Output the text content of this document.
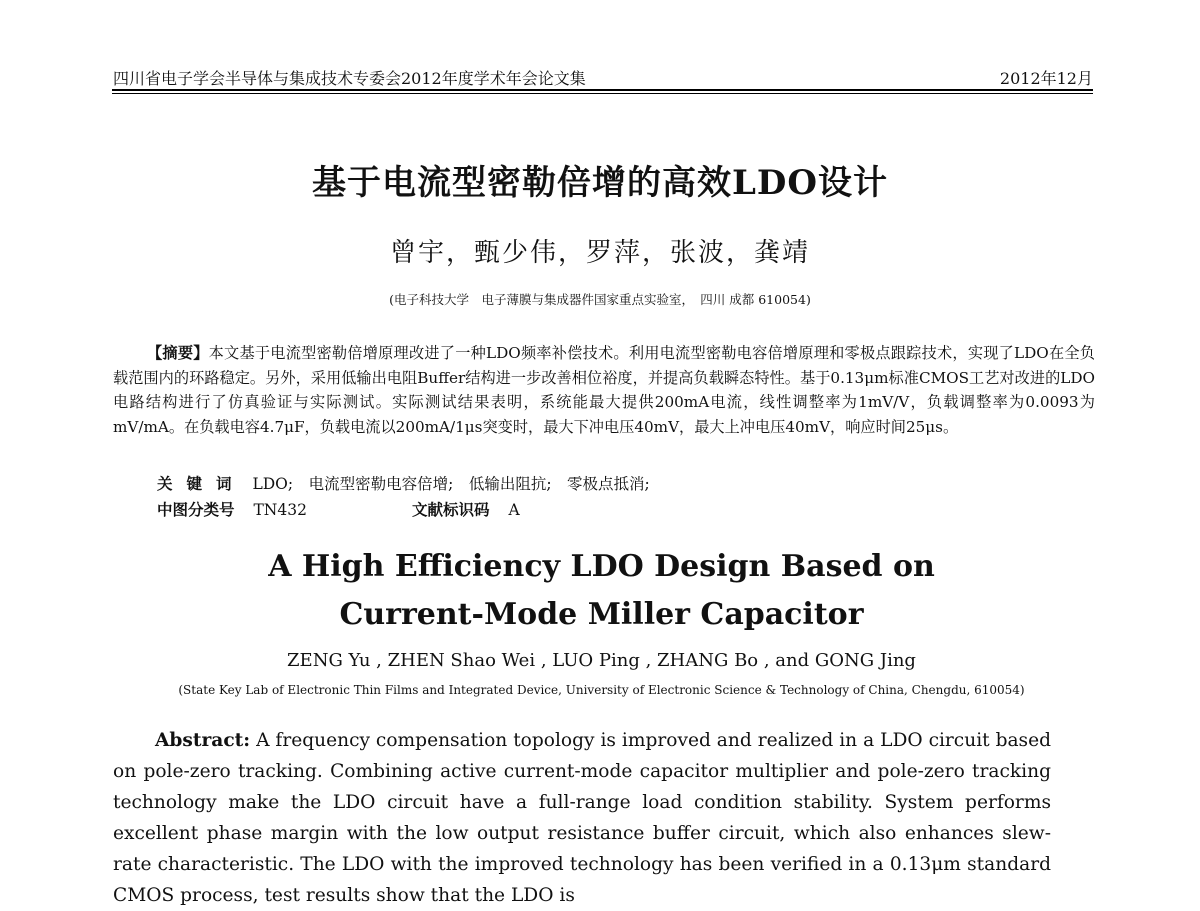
四川省电子学会半导体与集成技术专委会2012年度学术年会论文集	2012年12月
基于电流型密勒倍增的高效LDO设计
曾宇，甄少伟，罗萍，张波，龚靖
(电子科技大学　电子薄膜与集成器件国家重点实验室，　四川 成都 610054)

【摘要】本文基于电流型密勒倍增原理改进了一种LDO频率补偿技术。利用电流型密勒电容倍增原理和零极点跟踪技术，实现了LDO在全负载范围内的环路稳定。另外，采用低输出电阻Buffer结构进一步改善相位裕度，并提高负载瞬态特性。基于0.13μm标准CMOS工艺对改进的LDO电路结构进行了仿真验证与实际测试。实际测试结果表明，系统能最大提供200mA电流，线性调整率为1mV/V，负载调整率为0.0093为mV/mA。在负载电容4.7μF，负载电流以200mA/1μs突变时，最大下冲电压40mV，最大上冲电压40mV，响应时间25μs。

关键词 LDO;　电流型密勒电容倍增;　低输出阻抗;　零极点抵消;
中图分类号 TN432	文献标识码 A
A High Efficiency LDO Design Based on
Current-Mode Miller Capacitor
ZENG Yu , ZHEN Shao Wei , LUO Ping , ZHANG Bo , and GONG Jing
(State Key Lab of Electronic Thin Films and Integrated Device, University of Electronic Science & Technology of China, Chengdu, 610054)

Abstract: A frequency compensation topology is improved and realized in a LDO circuit based on pole-zero tracking. Combining active current-mode capacitor multiplier and pole-zero tracking technology make the LDO circuit have a full-range load condition stability. System performs excellent phase margin with the low output resistance buffer circuit, which also enhances slew-rate characteristic. The LDO with the improved technology has been verified in a 0.13μm standard CMOS process, test results show that the LDO is
